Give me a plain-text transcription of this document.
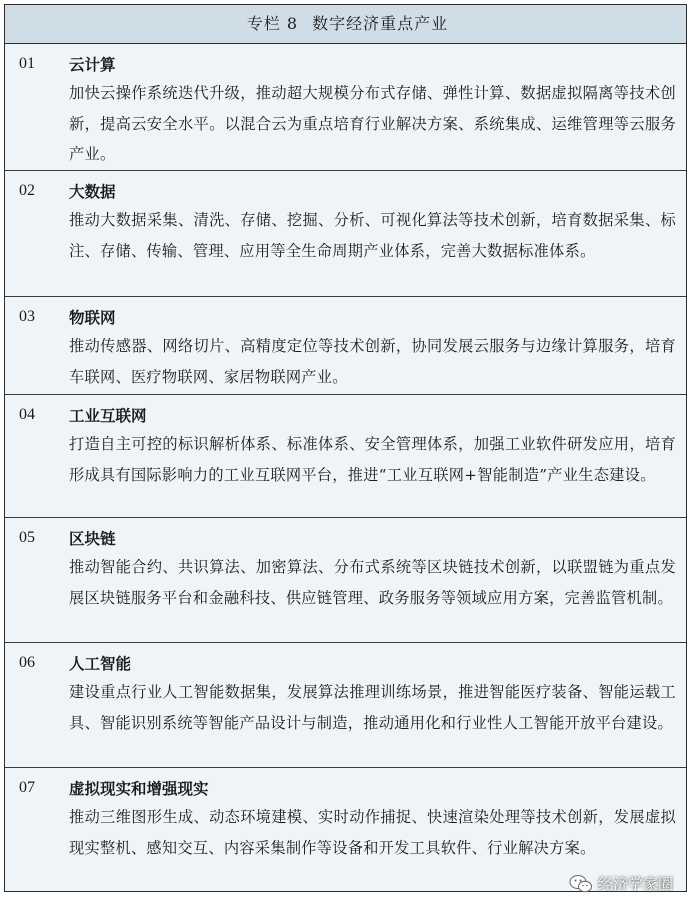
专栏 8 数字经济重点产业
01	云计算
加快云操作系统迭代升级，推动超大规模分布式存储、弹性计算、数据虚拟隔离等技术创新，提高云安全水平。以混合云为重点培育行业解决方案、系统集成、运维管理等云服务产业。
02	大数据
推动大数据采集、清洗、存储、挖掘、分析、可视化算法等技术创新，培育数据采集、标注、存储、传输、管理、应用等全生命周期产业体系，完善大数据标准体系。
03	物联网
推动传感器、网络切片、高精度定位等技术创新，协同发展云服务与边缘计算服务，培育车联网、医疗物联网、家居物联网产业。
04	工业互联网
打造自主可控的标识解析体系、标准体系、安全管理体系，加强工业软件研发应用，培育形成具有国际影响力的工业互联网平台，推进“工业互联网+智能制造”产业生态建设。
05	区块链
推动智能合约、共识算法、加密算法、分布式系统等区块链技术创新，以联盟链为重点发展区块链服务平台和金融科技、供应链管理、政务服务等领域应用方案，完善监管机制。
06	人工智能
建设重点行业人工智能数据集，发展算法推理训练场景，推进智能医疗装备、智能运载工具、智能识别系统等智能产品设计与制造，推动通用化和行业性人工智能开放平台建设。
07	虚拟现实和增强现实
推动三维图形生成、动态环境建模、实时动作捕捉、快速渲染处理等技术创新，发展虚拟现实整机、感知交互、内容采集制作等设备和开发工具软件、行业解决方案。
经济学家圈
